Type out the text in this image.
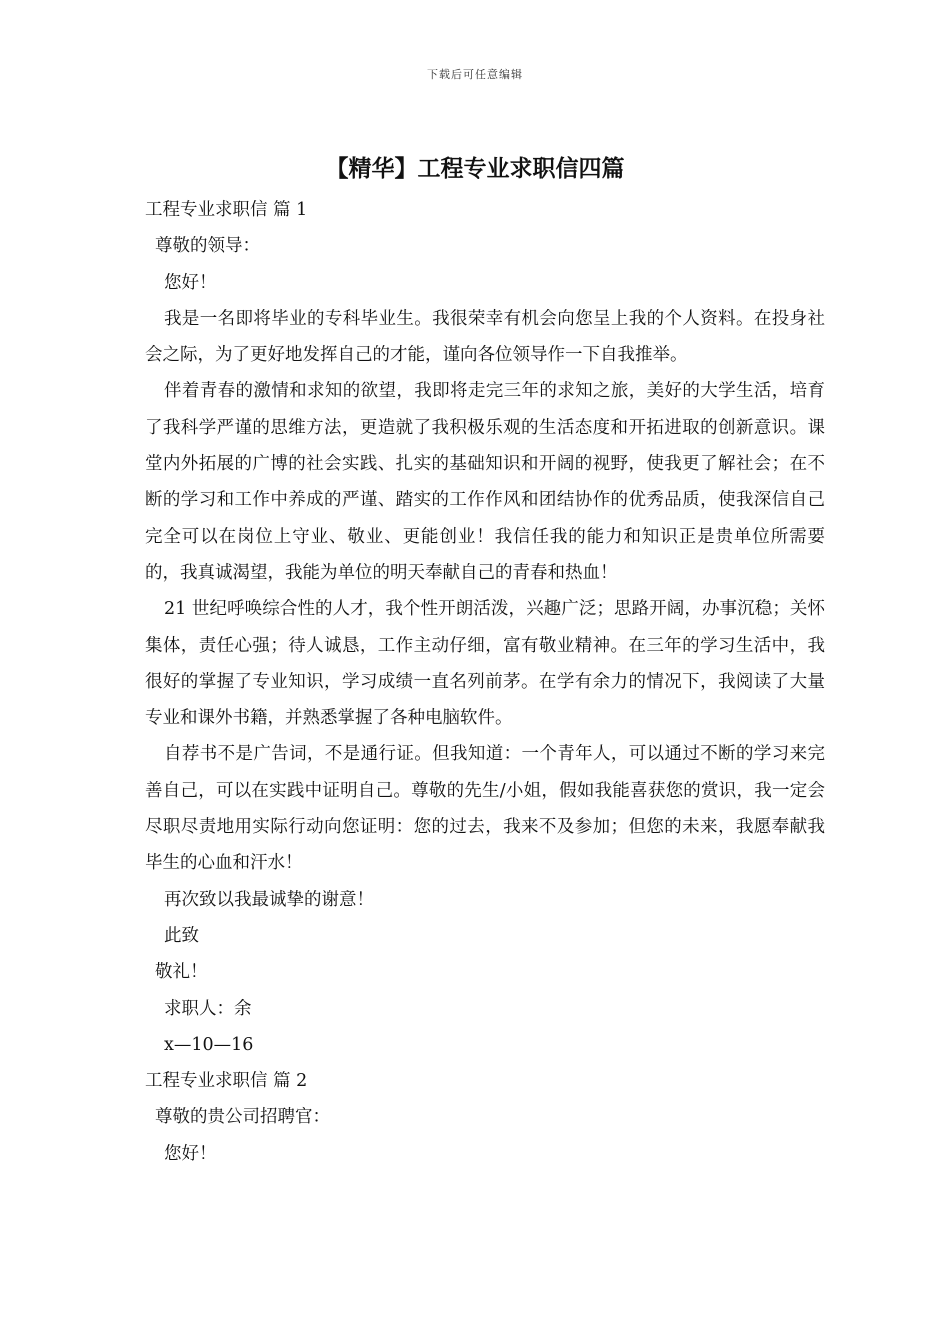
下载后可任意编辑
【精华】工程专业求职信四篇

工程专业求职信 篇 1

尊敬的领导：

您好！

我是一名即将毕业的专科毕业生。我很荣幸有机会向您呈上我的个人资料。在投身社会之际，为了更好地发挥自己的才能，谨向各位领导作一下自我推举。

伴着青春的激情和求知的欲望，我即将走完三年的求知之旅，美好的大学生活，培育了我科学严谨的思维方法，更造就了我积极乐观的生活态度和开拓进取的创新意识。课堂内外拓展的广博的社会实践、扎实的基础知识和开阔的视野，使我更了解社会；在不断的学习和工作中养成的严谨、踏实的工作作风和团结协作的优秀品质，使我深信自己完全可以在岗位上守业、敬业、更能创业！我信任我的能力和知识正是贵单位所需要的，我真诚渴望，我能为单位的明天奉献自己的青春和热血！

21 世纪呼唤综合性的人才，我个性开朗活泼，兴趣广泛；思路开阔，办事沉稳；关怀集体，责任心强；待人诚恳，工作主动仔细，富有敬业精神。在三年的学习生活中，我很好的掌握了专业知识，学习成绩一直名列前茅。在学有余力的情况下，我阅读了大量专业和课外书籍，并熟悉掌握了各种电脑软件。

自荐书不是广告词，不是通行证。但我知道：一个青年人，可以通过不断的学习来完善自己，可以在实践中证明自己。尊敬的先生/小姐，假如我能喜获您的赏识，我一定会尽职尽责地用实际行动向您证明：您的过去，我来不及参加；但您的未来，我愿奉献我毕生的心血和汗水！

再次致以我最诚挚的谢意！

此致

敬礼！

求职人：余

x—10—16

工程专业求职信 篇 2

尊敬的贵公司招聘官：

您好！
